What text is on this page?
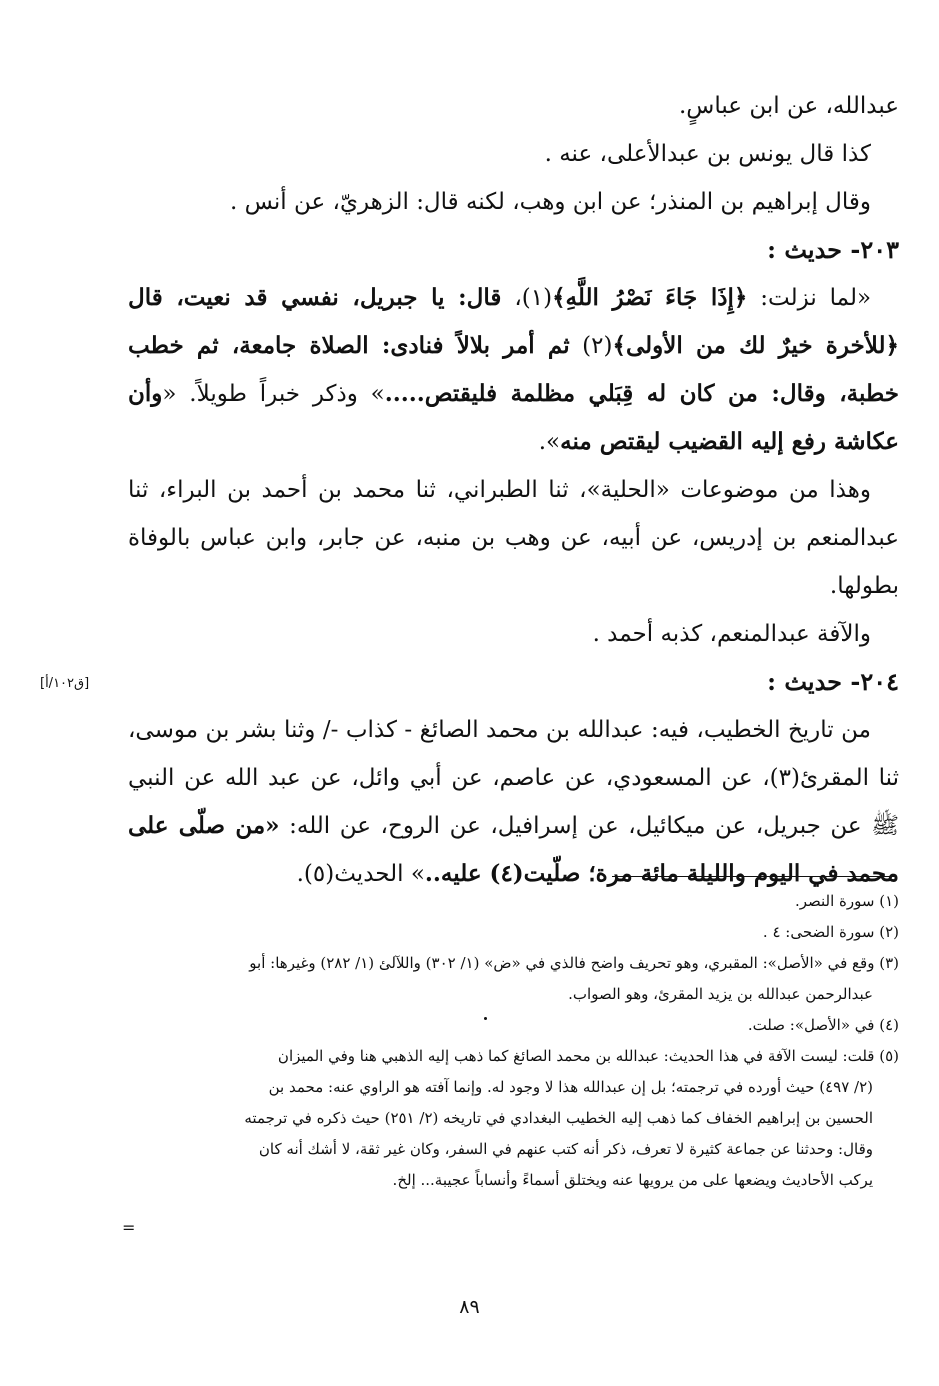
عبدالله، عن ابن عباسٍ.

كذا قال يونس بن عبدالأعلى، عنه .

وقال إبراهيم بن المنذر؛ عن ابن وهب، لكنه قال: الزهريّ، عن أنس .

٢٠٣- حديث :

«لما نزلت: ﴿إِذَا جَاءَ نَصْرُ اللَّهِ﴾(١)، قال: يا جبريل، نفسي قد نعيت، قال ﴿للأخرة خيرٌ لك من الأولى﴾(٢) ثم أمر بلالاً فنادى: الصلاة جامعة، ثم خطب خطبة، وقال: من كان له قِبَلي مظلمة فليقتص.....» وذكر خبراً طويلاً. «وأن عكاشة رفع إليه القضيب ليقتص منه».

وهذا من موضوعات «الحلية»، ثنا الطبراني، ثنا محمد بن أحمد بن البراء، ثنا عبدالمنعم بن إدريس، عن أبيه، عن وهب بن منبه، عن جابر، وابن عباس بالوفاة بطولها.

والآفة عبدالمنعم، كذبه أحمد .

٢٠٤- حديث :

من تاريخ الخطيب، فيه: عبدالله بن محمد الصائغ - كذاب -/ وثنا بشر بن موسى، ثنا المقرئ(٣)، عن المسعودي، عن عاصم، عن أبي وائل، عن عبد الله عن النبي ﷺ عن جبريل، عن ميكائيل، عن إسرافيل، عن الروح، عن الله: «من صلّى على محمد في اليوم والليلة مائة مرة؛ صلّيت(٤) عليه..» الحديث(٥).

[ق١٠٢/أ]

(١) سورة النصر.

(٢) سورة الضحى: ٤ .

(٣) وقع في «الأصل»: المقبري، وهو تحريف واضح فالذي في «ض» (١/ ٣٠٢) واللآلئ (١/ ٢٨٢) وغيرها: أبو

عبدالرحمن عبدالله بن يزيد المقرئ، وهو الصواب.

(٤) في «الأصل»: صلت.

(٥) قلت: ليست الآفة في هذا الحديث: عبدالله بن محمد الصائغ كما ذهب إليه الذهبي هنا وفي الميزان

(٢/ ٤٩٧) حيث أورده في ترجمته؛ بل إن عبدالله هذا لا وجود له. وإنما آفته هو الراوي عنه: محمد بن

الحسين بن إبراهيم الخفاف كما ذهب إليه الخطيب البغدادي في تاريخه (٢/ ٢٥١) حيث ذكره في ترجمته

وقال: وحدثنا عن جماعة كثيرة لا تعرف، ذكر أنه كتب عنهم في السفر، وكان غير ثقة، لا أشك أنه كان

يركب الأحاديث ويضعها على من يرويها عنه ويختلق أسماءً وأنساباً عجيبة... إلخ.

=
٨٩
